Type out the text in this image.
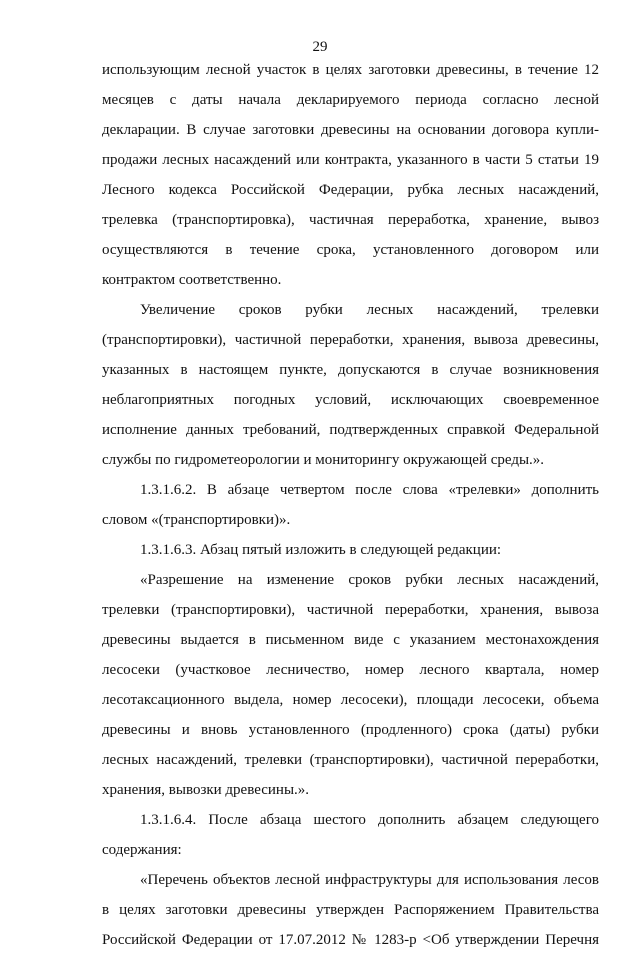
29
использующим лесной участок в целях заготовки древесины, в течение 12
месяцев с даты начала декларируемого периода согласно лесной
декларации. В случае заготовки древесины на основании договора купли-
продажи лесных насаждений или контракта, указанного в части 5 статьи 19
Лесного кодекса Российской Федерации, рубка лесных насаждений,
трелевка (транспортировка), частичная переработка, хранение, вывоз
осуществляются в течение срока, установленного договором или
контрактом соответственно.
Увеличение сроков рубки лесных насаждений, трелевки
(транспортировки), частичной переработки, хранения, вывоза древесины,
указанных в настоящем пункте, допускаются в случае возникновения
неблагоприятных погодных условий, исключающих своевременное
исполнение данных требований, подтвержденных справкой Федеральной
службы по гидрометеорологии и мониторингу окружающей среды.».
1.3.1.6.2. В абзаце четвертом после слова «трелевки» дополнить
словом «(транспортировки)».
1.3.1.6.3. Абзац пятый изложить в следующей редакции:
«Разрешение на изменение сроков рубки лесных насаждений,
трелевки (транспортировки), частичной переработки, хранения, вывоза
древесины выдается в письменном виде с указанием местонахождения
лесосеки (участковое лесничество, номер лесного квартала, номер
лесотаксационного выдела, номер лесосеки), площади лесосеки, объема
древесины и вновь установленного (продленного) срока (даты) рубки
лесных насаждений, трелевки (транспортировки), частичной переработки,
хранения, вывозки древесины.».
1.3.1.6.4. После абзаца шестого дополнить абзацем следующего
содержания:
«Перечень объектов лесной инфраструктуры для использования лесов
в целях заготовки древесины утвержден Распоряжением Правительства
Российской Федерации от 17.07.2012 № 1283-р <Об утверждении Перечня
